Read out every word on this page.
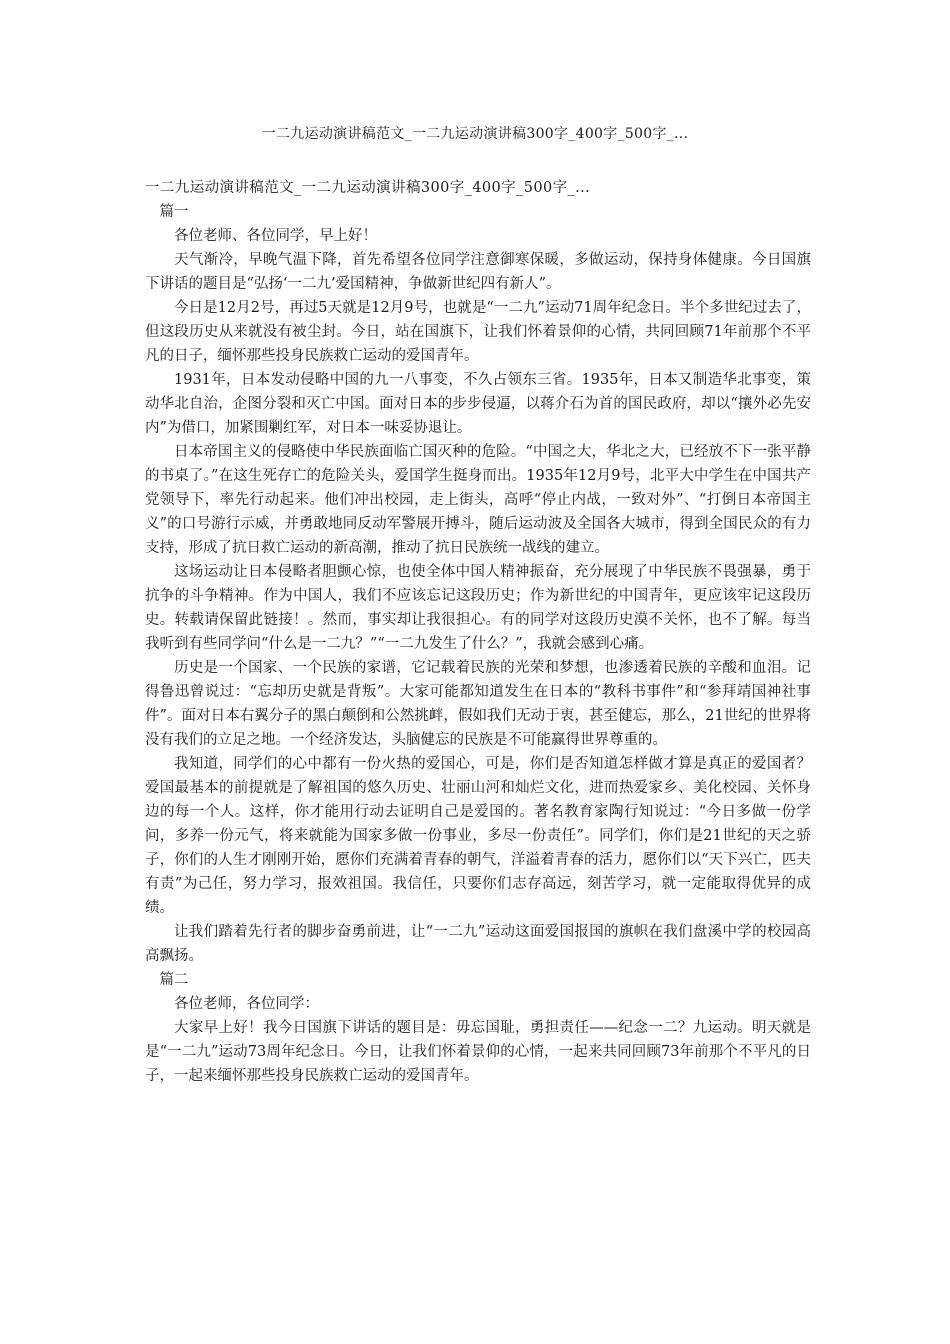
一二九运动演讲稿范文_一二九运动演讲稿300字_400字_500字_...

一二九运动演讲稿范文_一二九运动演讲稿300字_400字_500字_...

篇一

各位老师、各位同学，早上好！

天气渐冷，早晚气温下降，首先希望各位同学注意御寒保暖，多做运动，保持身体健康。今日国旗下讲话的题目是“弘扬‘一二九’爱国精神，争做新世纪四有新人”。

今日是12月2号，再过5天就是12月9号，也就是“一二九”运动71周年纪念日。半个多世纪过去了，但这段历史从来就没有被尘封。今日，站在国旗下，让我们怀着景仰的心情，共同回顾71年前那个不平凡的日子，缅怀那些投身民族救亡运动的爱国青年。

1931年，日本发动侵略中国的九一八事变，不久占领东三省。1935年，日本又制造华北事变，策动华北自治，企图分裂和灭亡中国。面对日本的步步侵逼，以蒋介石为首的国民政府，却以“攘外必先安内”为借口，加紧围剿红军，对日本一味妥协退让。

日本帝国主义的侵略使中华民族面临亡国灭种的危险。“中国之大，华北之大，已经放不下一张平静的书桌了。”在这生死存亡的危险关头，爱国学生挺身而出。1935年12月9号，北平大中学生在中国共产党领导下，率先行动起来。他们冲出校园，走上街头，高呼“停止内战，一致对外”、“打倒日本帝国主义”的口号游行示威，并勇敢地同反动军警展开搏斗，随后运动波及全国各大城市，得到全国民众的有力支持，形成了抗日救亡运动的新高潮，推动了抗日民族统一战线的建立。

这场运动让日本侵略者胆颤心惊，也使全体中国人精神振奋，充分展现了中华民族不畏强暴，勇于抗争的斗争精神。作为中国人，我们不应该忘记这段历史；作为新世纪的中国青年，更应该牢记这段历史。转载请保留此链接！。然而，事实却让我很担心。有的同学对这段历史漠不关怀，也不了解。每当我听到有些同学问“什么是一二九？”“一二九发生了什么？”，我就会感到心痛。

历史是一个国家、一个民族的家谱，它记载着民族的光荣和梦想，也渗透着民族的辛酸和血泪。记得鲁迅曾说过：“忘却历史就是背叛”。大家可能都知道发生在日本的“教科书事件”和“参拜靖国神社事件”。面对日本右翼分子的黑白颠倒和公然挑衅，假如我们无动于衷，甚至健忘，那么，21世纪的世界将没有我们的立足之地。一个经济发达，头脑健忘的民族是不可能赢得世界尊重的。

我知道，同学们的心中都有一份火热的爱国心，可是，你们是否知道怎样做才算是真正的爱国者？爱国最基本的前提就是了解祖国的悠久历史、壮丽山河和灿烂文化，进而热爱家乡、美化校园、关怀身边的每一个人。这样，你才能用行动去证明自己是爱国的。著名教育家陶行知说过：“今日多做一份学问，多养一份元气，将来就能为国家多做一份事业，多尽一份责任”。同学们，你们是21世纪的天之骄子，你们的人生才刚刚开始，愿你们充满着青春的朝气，洋溢着青春的活力，愿你们以“天下兴亡，匹夫有责”为己任，努力学习，报效祖国。我信任，只要你们志存高远，刻苦学习，就一定能取得优异的成绩。

让我们踏着先行者的脚步奋勇前进，让“一二九”运动这面爱国报国的旗帜在我们盘溪中学的校园高高飘扬。

篇二

各位老师，各位同学：

大家早上好！我今日国旗下讲话的题目是：毋忘国耻，勇担责任——纪念一二？九运动。明天就是是“一二九”运动73周年纪念日。今日，让我们怀着景仰的心情，一起来共同回顾73年前那个不平凡的日子，一起来缅怀那些投身民族救亡运动的爱国青年。
